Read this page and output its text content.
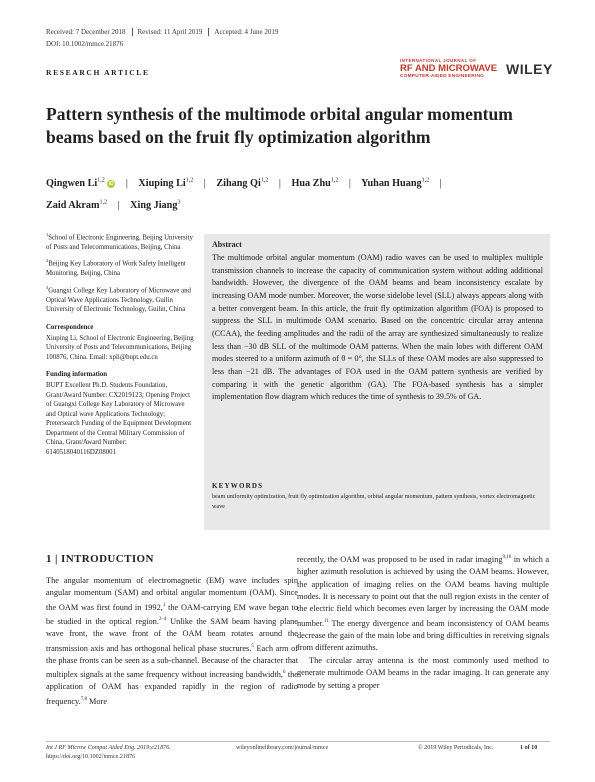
Received: 7 December 2018 Revised: 11 April 2019 Accepted: 4 June 2019
DOI: 10.1002/mmce.21876
RESEARCH ARTICLE
INTERNATIONAL JOURNAL OF
RF AND MICROWAVE
COMPUTER-AIDED ENGINEERING WILEY
Pattern synthesis of the multimode orbital angular momentum beams based on the fruit fly optimization algorithm
Qingwen Li$^{1,2}$ iD | Xiuping Li$^{1,2}$ | Zihang Qi$^{1,2}$ | Hua Zhu$^{1,2}$ | Yuhan Huang$^{1,2}$ |
Zaid Akram$^{1,2}$ | Xing Jiang$^3$

$^1$School of Electronic Engineering, Beijing University of Posts and Telecommunications, Beijing, China

$^2$Beijing Key Laboratory of Work Safety Intelligent Monitoring, Beijing, China

$^3$Guangxi College Key Laboratory of Microwave and Optical Wave Applications Technology, Guilin University of Electronic Technology, Guilin, China

Correspondence

Xiuping Li, School of Electronic Engineering, Beijing University of Posts and Telecommunications, Beijing 100876, China. Email: xpli@bupt.edu.cn

Funding information

BUPT Excellent Ph.D. Students Foundation, Grant/Award Number: CX2019123; Opening Project of Guangxi College Key Laboratory of Microwave and Optical wave Applications Technology; Pretersearch Funding of the Equipment Development Department of the Central Military Commission of China, Grant/Award Number: 6140518040116DZ08001

Abstract
The multimode orbital angular momentum (OAM) radio waves can be used to multiplex multiple transmission channels to increase the capacity of communication system without adding additional bandwidth. However, the divergence of the OAM beams and beam inconsistency escalate by increasing OAM mode number. Moreover, the worse sidelobe level (SLL) always appears along with a better convergent beam. In this article, the fruit fly optimization algorithm (FOA) is proposed to suppress the SLL in multimode OAM scenario. Based on the concentric circular array antenna (CCAA), the feeding amplitudes and the radii of the array are synthesized simultaneously to realize less than −30 dB SLL of the multimode OAM patterns. When the main lobes with different OAM modes steered to a uniform azimuth of θ = 0°, the SLLs of these OAM modes are also suppressed to less than −21 dB. The advantages of FOA used in the OAM pattern synthesis are verified by comparing it with the genetic algorithm (GA). The FOA-based synthesis has a simpler implementation flow diagram which reduces the time of synthesis to 39.5% of GA.
KEYWORDS
beam uniformity optimization, fruit fly optimization algorithm, orbital angular momentum, pattern synthesis, vortex electromagnetic wave
1 | INTRODUCTION

The angular momentum of electromagnetic (EM) wave includes spin angular momentum (SAM) and orbital angular momentum (OAM). Since the OAM was first found in 1992,$^1$ the OAM-carrying EM wave began to be studied in the optical region.$^{2-4}$ Unlike the SAM beam having plane wave front, the wave front of the OAM beam rotates around the transmission axis and has orthogonal helical phase stucrures.$^5$ Each arm of the phase fronts can be seen as a sub-channel. Because of the character that multiplex signals at the same frequency without increasing bandwidth,$^6$ the application of OAM has expanded rapidly in the region of radio frequency.$^{7,8}$ More

recently, the OAM was proposed to be used in radar imaging$^{9,10}$ in which a higher azimuth resolution is achieved by using the OAM beams. However, the application of imaging relies on the OAM beams having multiple modes. It is necessary to point out that the null region exists in the center of the electric field which becomes even larger by increasing the OAM mode number.$^{11}$ The energy divergence and beam inconsistency of OAM beams decrease the gain of the main lobe and bring difficulties in receiving signals from different azimuths.

The circular array antenna is the most commonly used method to generate multimode OAM beams in the radar imaging. It can generate any mode by setting a proper

Int J RF Microw Comput Aided Eng. 2019;e21876.
https://doi.org/10.1002/mmce.21876
wileyonlinelibrary.com/journal/mmce	© 2019 Wiley Periodicals, Inc.	1 of 10
